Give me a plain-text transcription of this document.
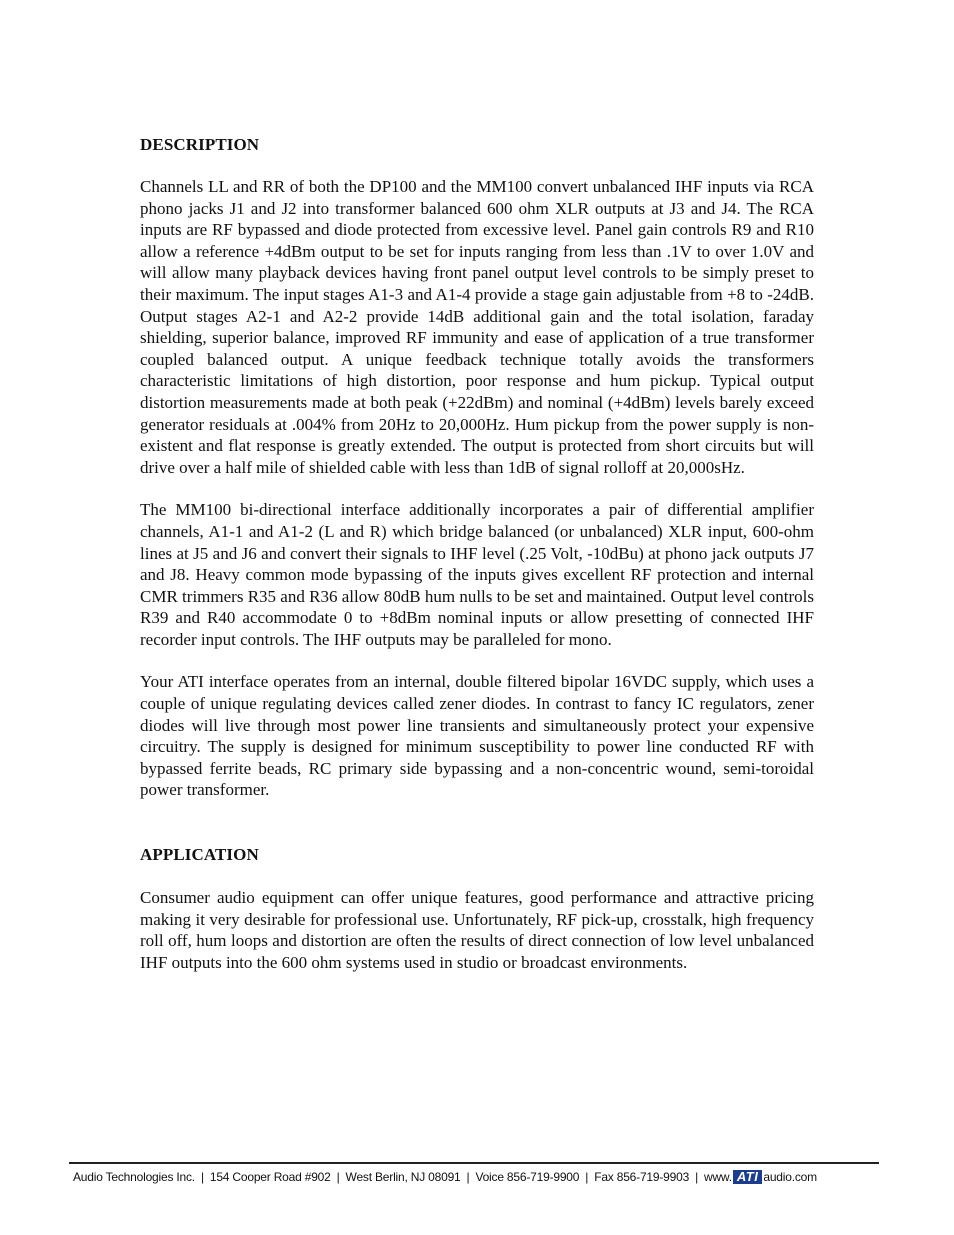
DESCRIPTION

Channels LL and RR of both the DP100 and the MM100 convert unbalanced IHF inputs via RCA phono jacks J1 and J2 into transformer balanced 600 ohm XLR outputs at J3 and J4. The RCA inputs are RF bypassed and diode protected from excessive level. Panel gain controls R9 and R10 allow a reference +4dBm output to be set for inputs ranging from less than .1V to over 1.0V and will allow many playback devices having front panel output level controls to be simply preset to their maximum. The input stages A1-3 and A1-4 provide a stage gain adjustable from +8 to -24dB. Output stages A2-1 and A2-2 provide 14dB additional gain and the total isolation, faraday shielding, superior balance, improved RF immunity and ease of application of a true transformer coupled balanced output. A unique feedback technique totally avoids the transformers characteristic limitations of high distortion, poor response and hum pickup. Typical output distortion measurements made at both peak (+22dBm) and nominal (+4dBm) levels barely exceed generator residuals at .004% from 20Hz to 20,000Hz. Hum pickup from the power supply is non-existent and flat response is greatly extended. The output is protected from short circuits but will drive over a half mile of shielded cable with less than 1dB of signal rolloff at 20,000sHz.

The MM100 bi-directional interface additionally incorporates a pair of differential amplifier channels, A1-1 and A1-2 (L and R) which bridge balanced (or unbalanced) XLR input, 600-ohm lines at J5 and J6 and convert their signals to IHF level (.25 Volt, -10dBu) at phono jack outputs J7 and J8. Heavy common mode bypassing of the inputs gives excellent RF protection and internal CMR trimmers R35 and R36 allow 80dB hum nulls to be set and maintained. Output level controls R39 and R40 accommodate 0 to +8dBm nominal inputs or allow presetting of connected IHF recorder input controls. The IHF outputs may be paralleled for mono.

Your ATI interface operates from an internal, double filtered bipolar 16VDC supply, which uses a couple of unique regulating devices called zener diodes. In contrast to fancy IC regulators, zener diodes will live through most power line transients and simultaneously protect your expensive circuitry. The supply is designed for minimum susceptibility to power line conducted RF with bypassed ferrite beads, RC primary side bypassing and a non-concentric wound, semi-toroidal power transformer.

APPLICATION

Consumer audio equipment can offer unique features, good performance and attractive pricing making it very desirable for professional use. Unfortunately, RF pick-up, crosstalk, high frequency roll off, hum loops and distortion are often the results of direct connection of low level unbalanced IHF outputs into the 600 ohm systems used in studio or broadcast environments.

Audio Technologies Inc. | 154 Cooper Road #902 | West Berlin, NJ 08091 | Voice 856-719-9900 | Fax 856-719-9903 | www. ATI audio.com
